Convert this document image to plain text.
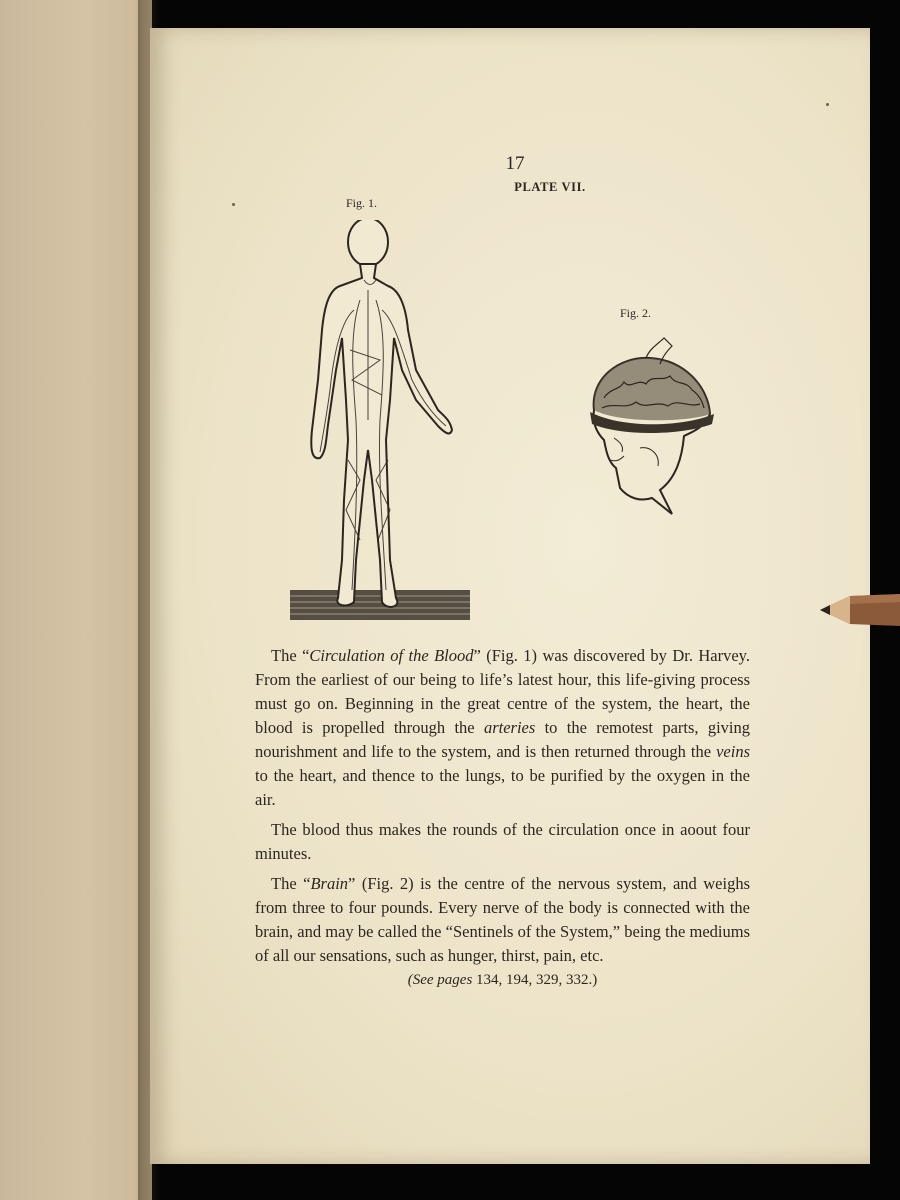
17
PLATE VII.
Fig. 1.
Fig. 2.

The “Circulation of the Blood” (Fig. 1) was discovered by Dr. Harvey. From the earliest of our being to life’s latest hour, this life-giving process must go on. Beginning in the great centre of the system, the heart, the blood is propelled through the arteries to the remotest parts, giving nourishment and life to the system, and is then returned through the veins to the heart, and thence to the lungs, to be purified by the oxygen in the air.

The blood thus makes the rounds of the circulation once in aoout four minutes.

The “Brain” (Fig. 2) is the centre of the nervous system, and weighs from three to four pounds. Every nerve of the body is connected with the brain, and may be called the “Sentinels of the System,” being the mediums of all our sensations, such as hunger, thirst, pain, etc.

(See pages 134, 194, 329, 332.)
